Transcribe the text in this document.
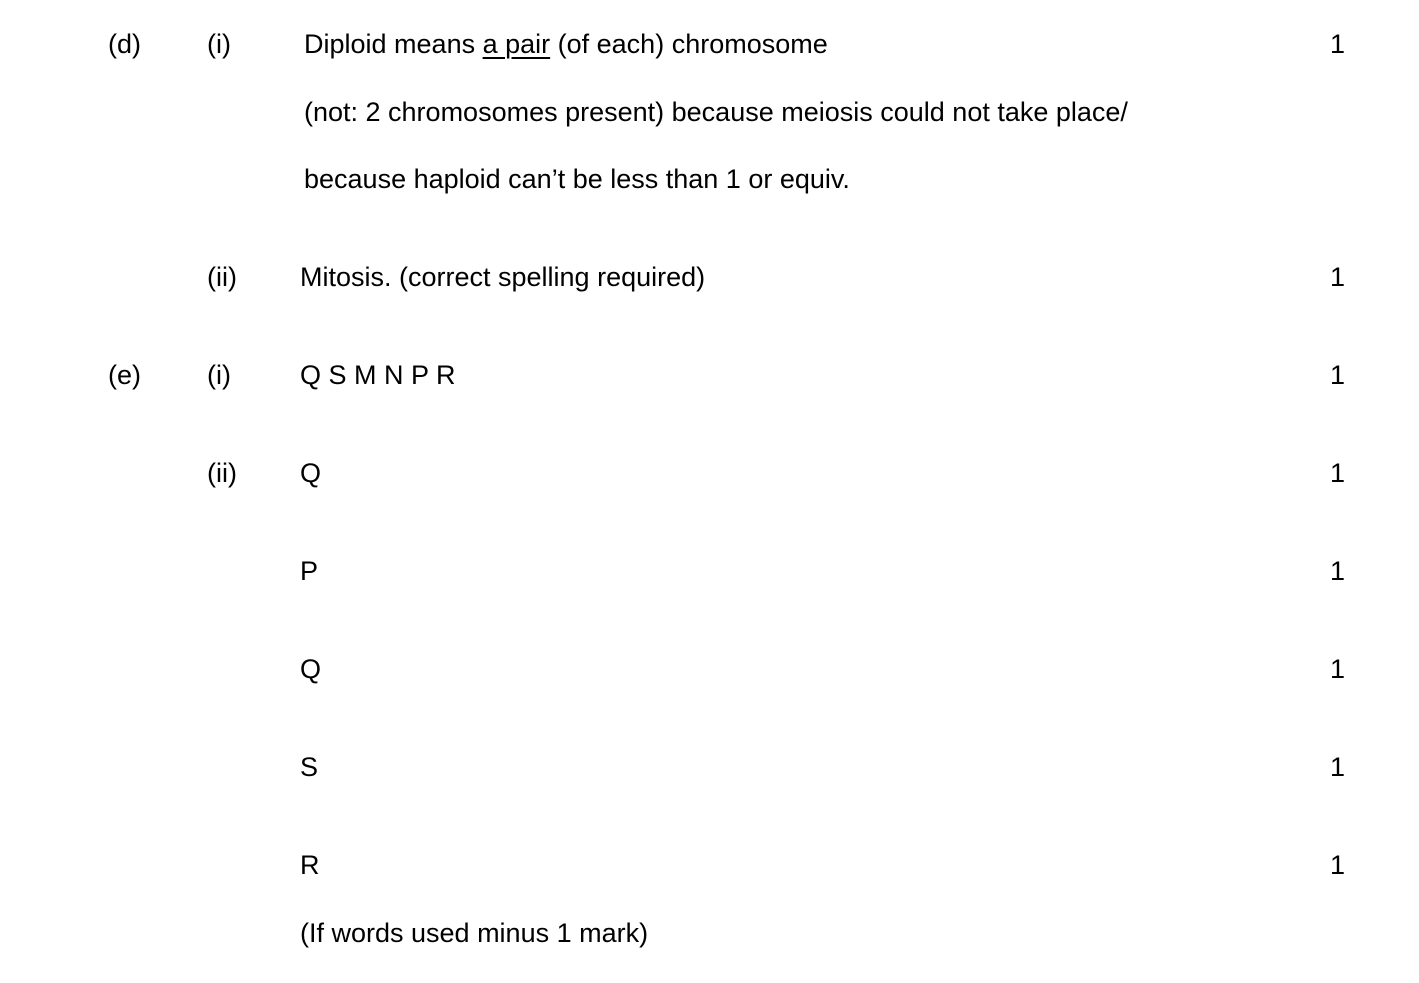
(d) (i)	Diploid means a pair (of each) chromosome	1
(not: 2 chromosomes present) because meiosis could not take place/
because haploid can’t be less than 1 or equiv.
(ii) Mitosis. (correct spelling required)	1
(e) (i)	Q S M N P R	1
(ii) Q	1
P	1
Q	1
S	1
R	1
(If words used minus 1 mark)
